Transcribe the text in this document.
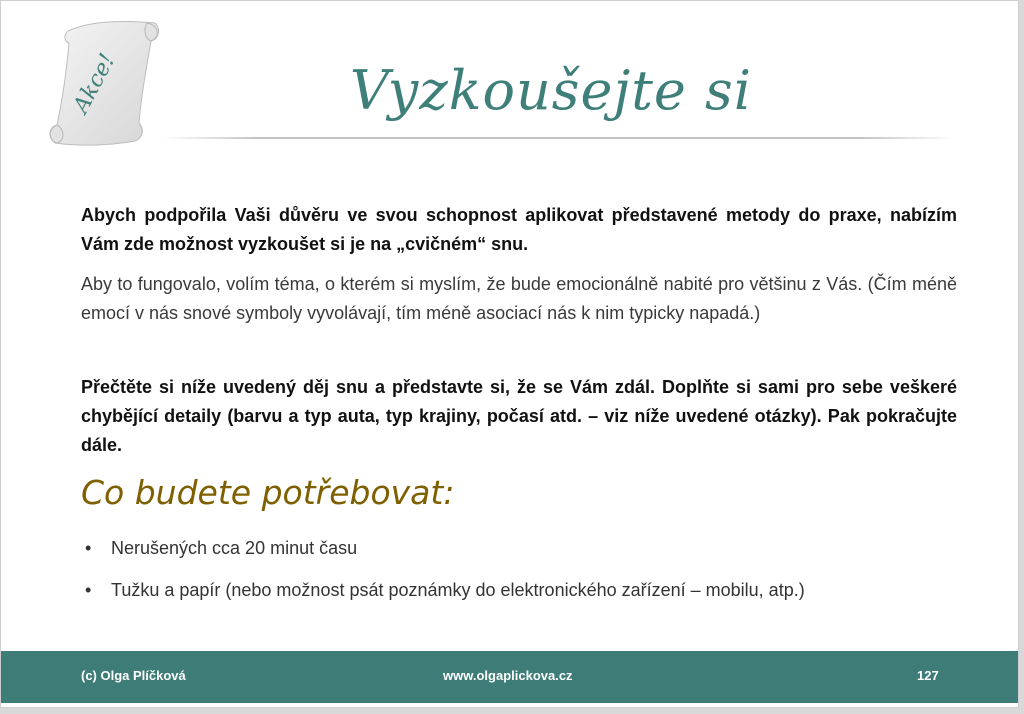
Akce!	Vyzkoušejte si

Abych podpořila Vaši důvěru ve svou schopnost aplikovat představené metody do praxe, nabízím Vám zde možnost vyzkoušet si je na „cvičném“ snu.

Aby to fungovalo, volím téma, o kterém si myslím, že bude emocionálně nabité pro většinu z Vás. (Čím méně emocí v nás snové symboly vyvolávají, tím méně asociací nás k nim typicky napadá.)

Přečtěte si níže uvedený děj snu a představte si, že se Vám zdál. Doplňte si sami pro sebe veškeré chybějící detaily (barvu a typ auta, typ krajiny, počasí atd. – viz níže uvedené otázky). Pak pokračujte dále.

Co budete potřebovat:
• Nerušených cca 20 minut času
• Tužku a papír (nebo možnost psát poznámky do elektronického zařízení – mobilu, atp.)
(c) Olga Plíčková	www.olgaplickova.cz	127
